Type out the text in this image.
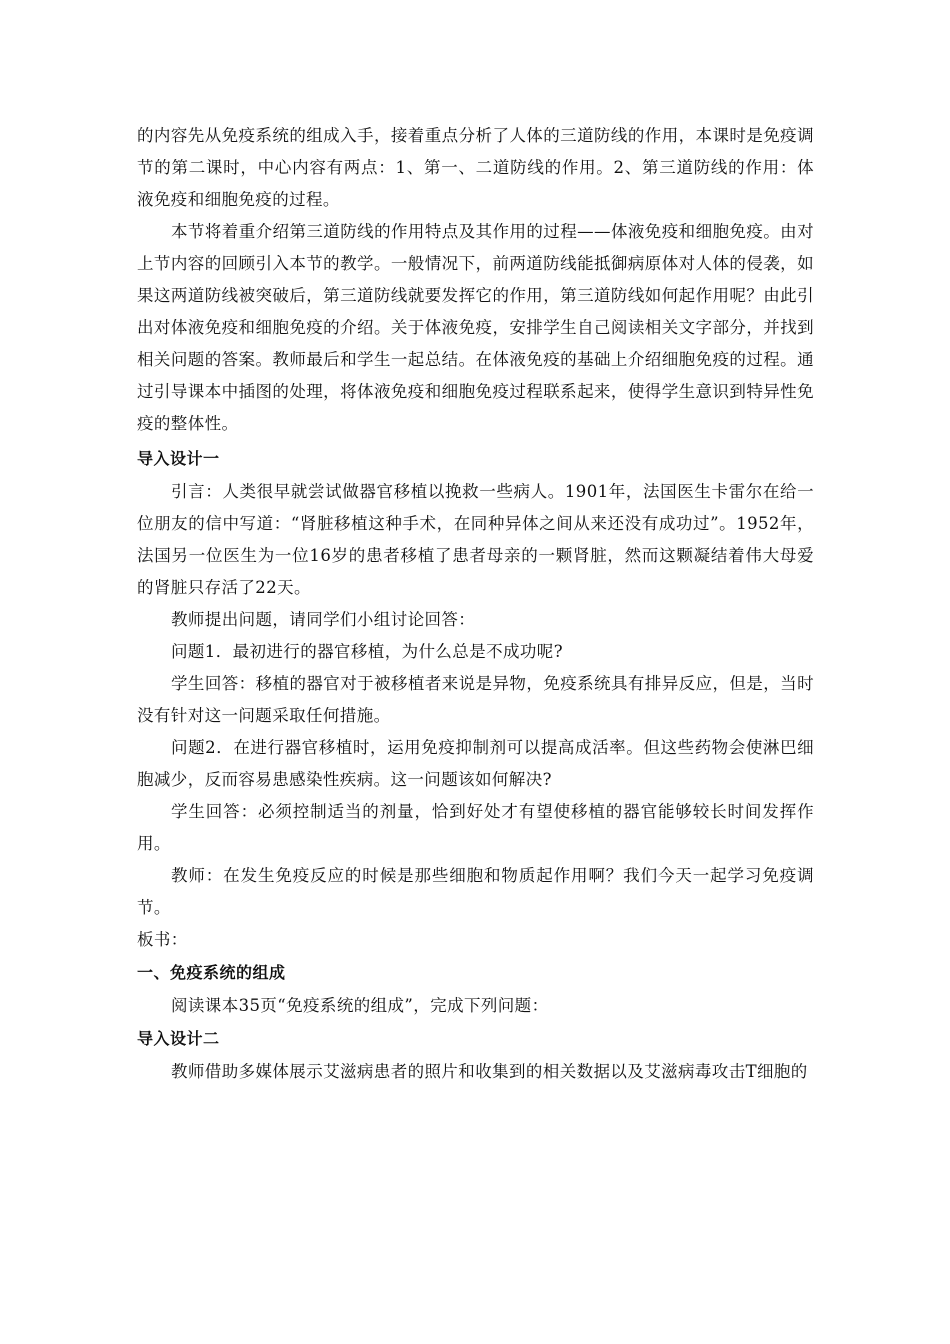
的内容先从免疫系统的组成入手，接着重点分析了人体的三道防线的作用，本课时是免疫调节的第二课时，中心内容有两点：1、第一、二道防线的作用。2、第三道防线的作用：体液免疫和细胞免疫的过程。

本节将着重介绍第三道防线的作用特点及其作用的过程——体液免疫和细胞免疫。由对上节内容的回顾引入本节的教学。一般情况下，前两道防线能抵御病原体对人体的侵袭，如果这两道防线被突破后，第三道防线就要发挥它的作用，第三道防线如何起作用呢？由此引出对体液免疫和细胞免疫的介绍。关于体液免疫，安排学生自己阅读相关文字部分，并找到相关问题的答案。教师最后和学生一起总结。在体液免疫的基础上介绍细胞免疫的过程。通过引导课本中插图的处理，将体液免疫和细胞免疫过程联系起来，使得学生意识到特异性免疫的整体性。

导入设计一

引言：人类很早就尝试做器官移植以挽救一些病人。1901年，法国医生卡雷尔在给一位朋友的信中写道：“肾脏移植这种手术，在同种异体之间从来还没有成功过”。1952年，法国另一位医生为一位16岁的患者移植了患者母亲的一颗肾脏，然而这颗凝结着伟大母爱的肾脏只存活了22天。

教师提出问题，请同学们小组讨论回答：

问题1．最初进行的器官移植，为什么总是不成功呢?

学生回答：移植的器官对于被移植者来说是异物，免疫系统具有排异反应，但是，当时没有针对这一问题采取任何措施。

问题2．在进行器官移植时，运用免疫抑制剂可以提高成活率。但这些药物会使淋巴细胞减少，反而容易患感染性疾病。这一问题该如何解决?

学生回答：必须控制适当的剂量，恰到好处才有望使移植的器官能够较长时间发挥作用。

教师：在发生免疫反应的时候是那些细胞和物质起作用啊？我们今天一起学习免疫调节。

板书：

一、免疫系统的组成

阅读课本35页“免疫系统的组成”，完成下列问题：

导入设计二

教师借助多媒体展示艾滋病患者的照片和收集到的相关数据以及艾滋病毒攻击T细胞的
